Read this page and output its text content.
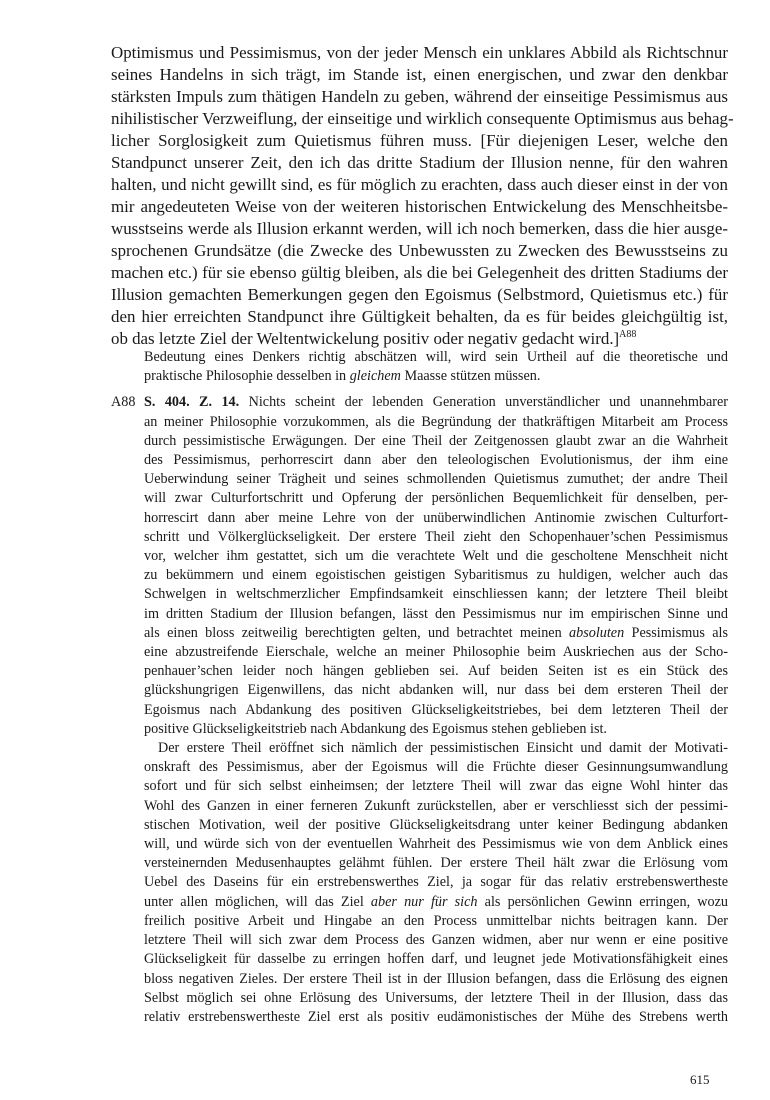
Optimismus und Pessimismus, von der jeder Mensch ein unklares Abbild als Richtschnur
seines Handelns in sich trägt, im Stande ist, einen energischen, und zwar den denkbar
stärksten Impuls zum thätigen Handeln zu geben, während der einseitige Pessimismus aus
nihilistischer Verzweiflung, der einseitige und wirklich consequente Optimismus aus behag-
licher Sorglosigkeit zum Quietismus führen muss. [Für diejenigen Leser, welche den
Standpunct unserer Zeit, den ich das dritte Stadium der Illusion nenne, für den wahren
halten, und nicht gewillt sind, es für möglich zu erachten, dass auch dieser einst in der von
mir angedeuteten Weise von der weiteren historischen Entwickelung des Menschheitsbe-
wusstseins werde als Illusion erkannt werden, will ich noch bemerken, dass die hier ausge-
sprochenen Grundsätze (die Zwecke des Unbewussten zu Zwecken des Bewusstseins zu
machen etc.) für sie ebenso gültig bleiben, als die bei Gelegenheit des dritten Stadiums der
Illusion gemachten Bemerkungen gegen den Egoismus (Selbstmord, Quietismus etc.) für
den hier erreichten Standpunct ihre Gültigkeit behalten, da es für beides gleichgültig ist,
ob das letzte Ziel der Weltentwickelung positiv oder negativ gedacht wird.]$^{A88}$
Bedeutung eines Denkers richtig abschätzen will, wird sein Urtheil auf die theoretische und
praktische Philosophie desselben in gleichem Maasse stützen müssen.
A88 S. 404. Z. 14. Nichts scheint der lebenden Generation unverständlicher und unannehmbarer
an meiner Philosophie vorzukommen, als die Begründung der thatkräftigen Mitarbeit am Process
durch pessimistische Erwägungen. Der eine Theil der Zeitgenossen glaubt zwar an die Wahrheit
des Pessimismus, perhorrescirt dann aber den teleologischen Evolutionismus, der ihm eine
Ueberwindung seiner Trägheit und seines schmollenden Quietismus zumuthet; der andre Theil
will zwar Culturfortschritt und Opferung der persönlichen Bequemlichkeit für denselben, per-
horrescirt dann aber meine Lehre von der unüberwindlichen Antinomie zwischen Culturfort-
schritt und Völkerglückseligkeit. Der erstere Theil zieht den Schopenhauer’schen Pessimismus
vor, welcher ihm gestattet, sich um die verachtete Welt und die gescholtene Menschheit nicht
zu bekümmern und einem egoistischen geistigen Sybaritismus zu huldigen, welcher auch das
Schwelgen in weltschmerzlicher Empfindsamkeit einschliessen kann; der letztere Theil bleibt
im dritten Stadium der Illusion befangen, lässt den Pessimismus nur im empirischen Sinne und
als einen bloss zeitweilig berechtigten gelten, und betrachtet meinen absoluten Pessimismus als
eine abzustreifende Eierschale, welche an meiner Philosophie beim Auskriechen aus der Scho-
penhauer’schen leider noch hängen geblieben sei. Auf beiden Seiten ist es ein Stück des
glückshungrigen Eigenwillens, das nicht abdanken will, nur dass bei dem ersteren Theil der
Egoismus nach Abdankung des positiven Glückseligkeitstriebes, bei dem letzteren Theil der
positive Glückseligkeitstrieb nach Abdankung des Egoismus stehen geblieben ist.
Der erstere Theil eröffnet sich nämlich der pessimistischen Einsicht und damit der Motivati-
onskraft des Pessimismus, aber der Egoismus will die Früchte dieser Gesinnungsumwandlung
sofort und für sich selbst einheimsen; der letztere Theil will zwar das eigne Wohl hinter das
Wohl des Ganzen in einer ferneren Zukunft zurückstellen, aber er verschliesst sich der pessimi-
stischen Motivation, weil der positive Glückseligkeitsdrang unter keiner Bedingung abdanken
will, und würde sich von der eventuellen Wahrheit des Pessimismus wie von dem Anblick eines
versteinernden Medusenhauptes gelähmt fühlen. Der erstere Theil hält zwar die Erlösung vom
Uebel des Daseins für ein erstrebenswerthes Ziel, ja sogar für das relativ erstrebenswertheste
unter allen möglichen, will das Ziel aber nur für sich als persönlichen Gewinn erringen, wozu
freilich positive Arbeit und Hingabe an den Process unmittelbar nichts beitragen kann. Der
letztere Theil will sich zwar dem Process des Ganzen widmen, aber nur wenn er eine positive
Glückseligkeit für dasselbe zu erringen hoffen darf, und leugnet jede Motivationsfähigkeit eines
bloss negativen Zieles. Der erstere Theil ist in der Illusion befangen, dass die Erlösung des eignen
Selbst möglich sei ohne Erlösung des Universums, der letztere Theil in der Illusion, dass das
relativ erstrebenswertheste Ziel erst als positiv eudämonistisches der Mühe des Strebens werth
615
